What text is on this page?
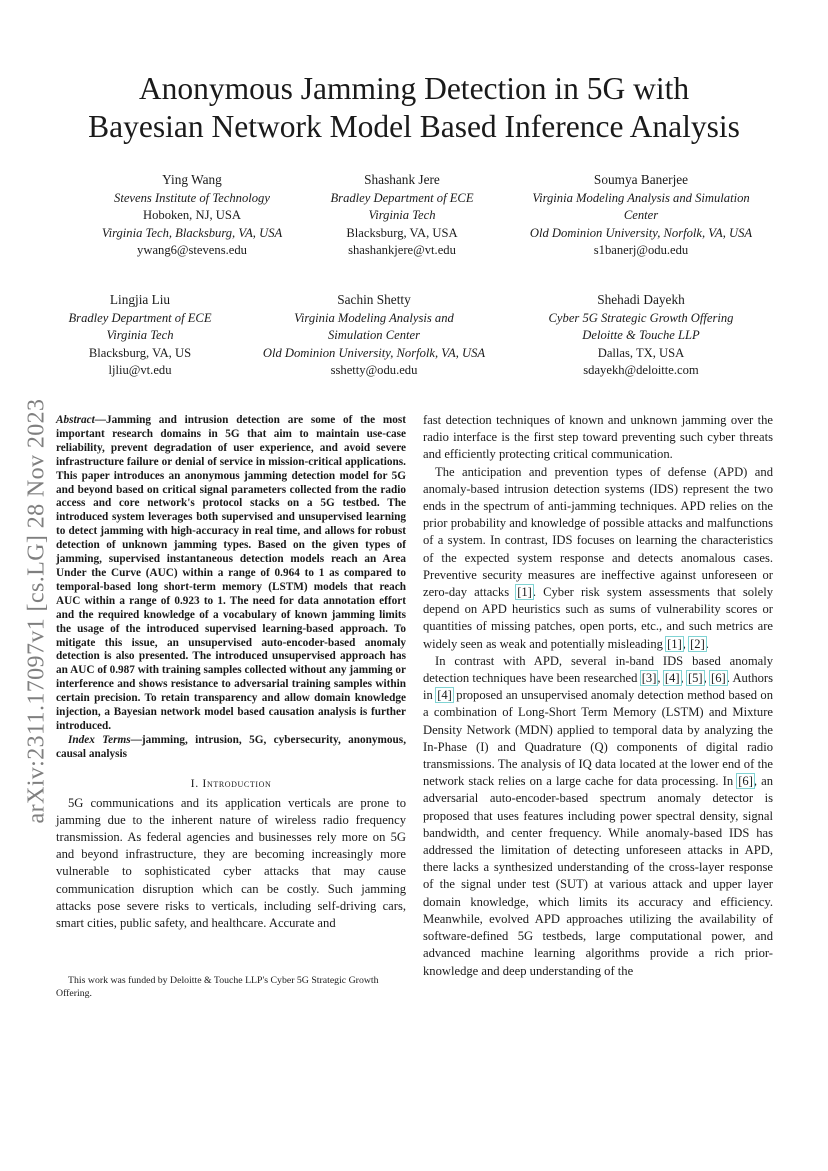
Anonymous Jamming Detection in 5G with
Bayesian Network Model Based Inference Analysis
Ying Wang
Stevens Institute of Technology
Hoboken, NJ, USA
Virginia Tech, Blacksburg, VA, USA
ywang6@stevens.edu
Shashank Jere
Bradley Department of ECE
Virginia Tech
Blacksburg, VA, USA
shashankjere@vt.edu
Soumya Banerjee
Virginia Modeling Analysis and Simulation
Center
Old Dominion University, Norfolk, VA, USA
s1banerj@odu.edu
Lingjia Liu
Bradley Department of ECE
Virginia Tech
Blacksburg, VA, US
ljliu@vt.edu
Sachin Shetty
Virginia Modeling Analysis and
Simulation Center
Old Dominion University, Norfolk, VA, USA
sshetty@odu.edu
Shehadi Dayekh
Cyber 5G Strategic Growth Offering
Deloitte & Touche LLP
Dallas, TX, USA
sdayekh@deloitte.com
arXiv:2311.17097v1 [cs.LG] 28 Nov 2023 Abstract—Jamming and intrusion detection are some of the most important research domains in 5G that aim to maintain use-case reliability, prevent degradation of user experience, and avoid severe infrastructure failure or denial of service in mission-critical applications. This paper introduces an anonymous jamming detection model for 5G and beyond based on critical signal parameters collected from the radio access and core network's protocol stacks on a 5G testbed. The introduced system leverages both supervised and unsupervised learning to detect jamming with high-accuracy in real time, and allows for robust detection of unknown jamming types. Based on the given types of jamming, supervised instantaneous detection models reach an Area Under the Curve (AUC) within a range of 0.964 to 1 as compared to temporal-based long short-term memory (LSTM) models that reach AUC within a range of 0.923 to 1. The need for data annotation effort and the required knowledge of a vocabulary of known jamming limits the usage of the introduced supervised learning-based approach. To mitigate this issue, an unsupervised auto-encoder-based anomaly detection is also presented. The introduced unsupervised approach has an AUC of 0.987 with training samples collected without any jamming or interference and shows resistance to adversarial training samples within certain precision. To retain transparency and allow domain knowledge injection, a Bayesian network model based causation analysis is further introduced.

Index Terms—jamming, intrusion, 5G, cybersecurity, anonymous, causal analysis

I. Introduction

5G communications and its application verticals are prone to jamming due to the inherent nature of wireless radio frequency transmission. As federal agencies and businesses rely more on 5G and beyond infrastructure, they are becoming increasingly more vulnerable to sophisticated cyber attacks that may cause communication disruption which can be costly. Such jamming attacks pose severe risks to verticals, including self-driving cars, smart cities, public safety, and healthcare. Accurate and

This work was funded by Deloitte & Touche LLP's Cyber 5G Strategic Growth Offering.

fast detection techniques of known and unknown jamming over the radio interface is the first step toward preventing such cyber threats and efficiently protecting critical communication.

The anticipation and prevention types of defense (APD) and anomaly-based intrusion detection systems (IDS) represent the two ends in the spectrum of anti-jamming techniques. APD relies on the prior probability and knowledge of possible attacks and malfunctions of a system. In contrast, IDS focuses on learning the characteristics of the expected system response and detects anomalous cases. Preventive security measures are ineffective against unforeseen or zero-day attacks [1]. Cyber risk system assessments that solely depend on APD heuristics such as sums of vulnerability scores or quantities of missing patches, open ports, etc., and such metrics are widely seen as weak and potentially misleading [1], [2].

In contrast with APD, several in-band IDS based anomaly detection techniques have been researched [3], [4], [5], [6]. Authors in [4] proposed an unsupervised anomaly detection method based on a combination of Long-Short Term Memory (LSTM) and Mixture Density Network (MDN) applied to temporal data by analyzing the In-Phase (I) and Quadrature (Q) components of digital radio transmissions. The analysis of IQ data located at the lower end of the network stack relies on a large cache for data processing. In [6], an adversarial auto-encoder-based spectrum anomaly detector is proposed that uses features including power spectral density, signal bandwidth, and center frequency. While anomaly-based IDS has addressed the limitation of detecting unforeseen attacks in APD, there lacks a synthesized understanding of the cross-layer response of the signal under test (SUT) at various attack and upper layer domain knowledge, which limits its accuracy and efficiency. Meanwhile, evolved APD approaches utilizing the availability of software-defined 5G testbeds, large computational power, and advanced machine learning algorithms provide a rich prior-knowledge and deep understanding of the
